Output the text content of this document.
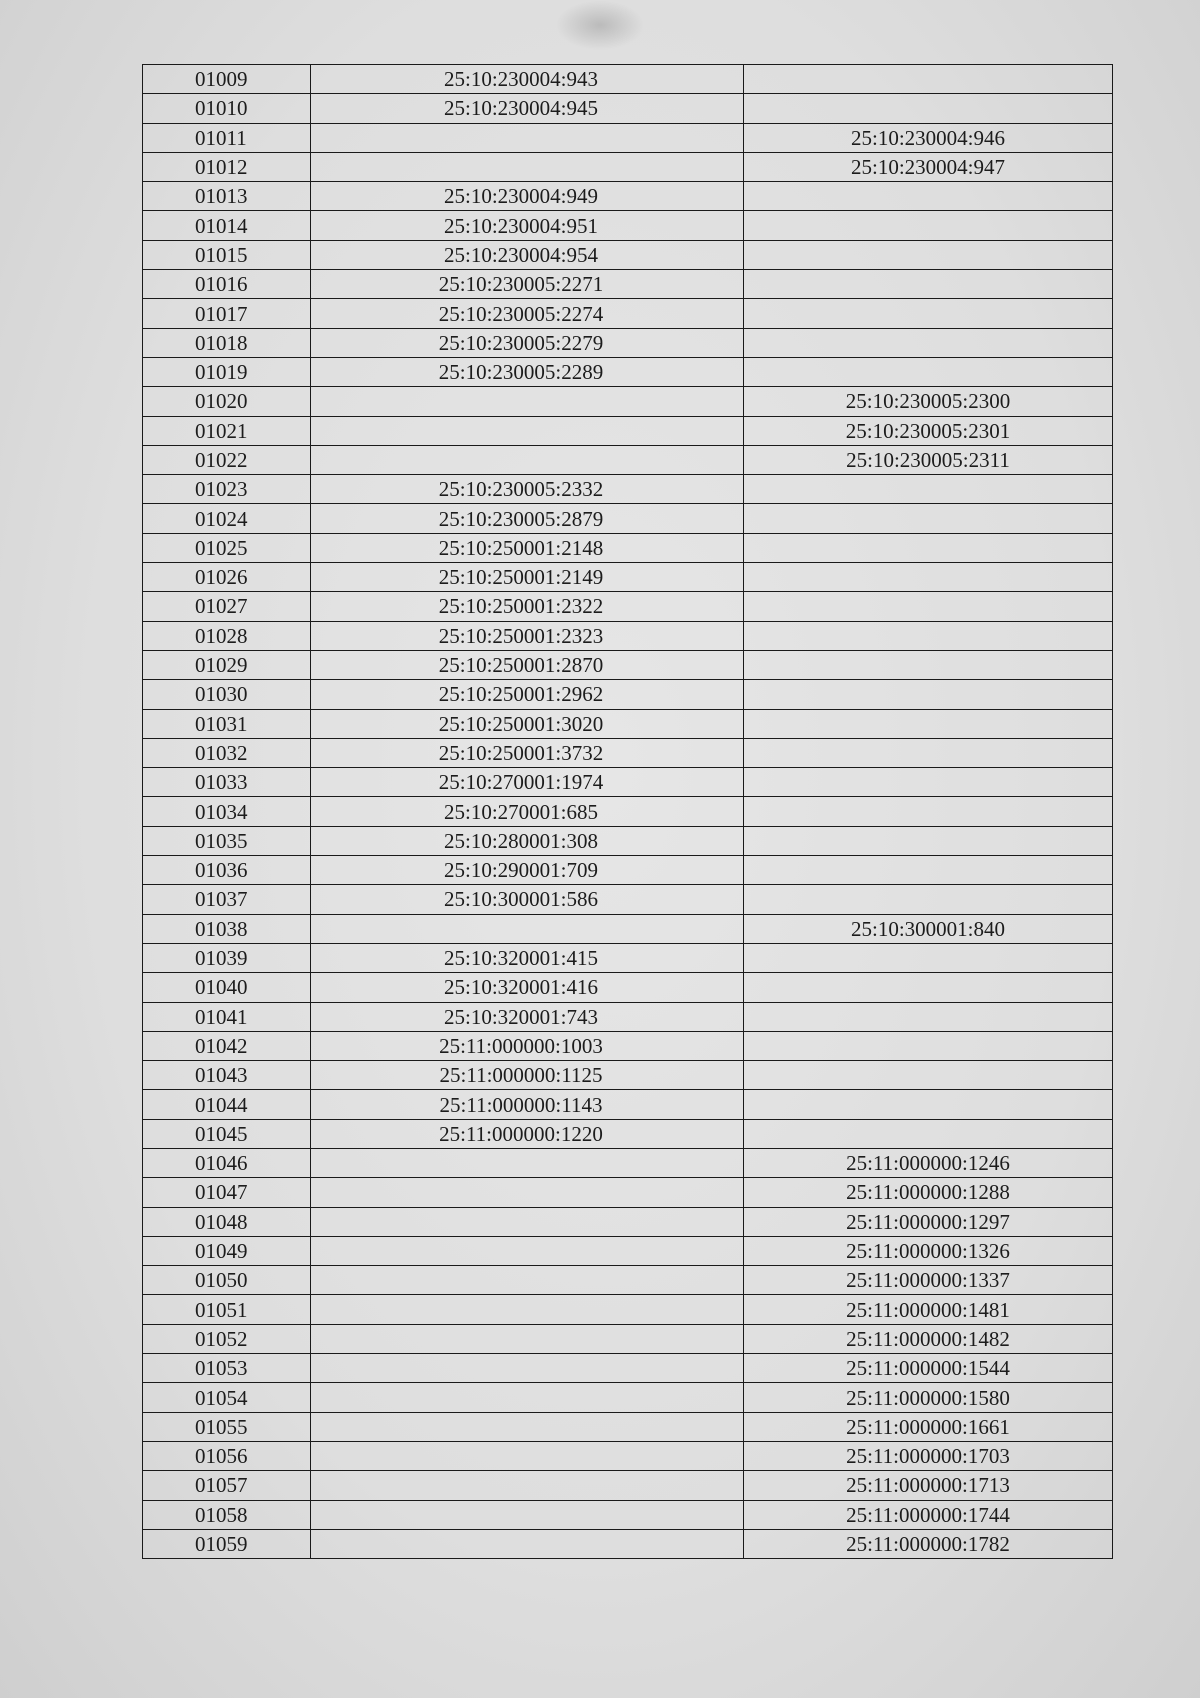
01009	25:10:230004:943	
01010	25:10:230004:945	
01011		25:10:230004:946
01012		25:10:230004:947
01013	25:10:230004:949	
01014	25:10:230004:951	
01015	25:10:230004:954	
01016	25:10:230005:2271	
01017	25:10:230005:2274	
01018	25:10:230005:2279	
01019	25:10:230005:2289	
01020		25:10:230005:2300
01021		25:10:230005:2301
01022		25:10:230005:2311
01023	25:10:230005:2332	
01024	25:10:230005:2879	
01025	25:10:250001:2148	
01026	25:10:250001:2149	
01027	25:10:250001:2322	
01028	25:10:250001:2323	
01029	25:10:250001:2870	
01030	25:10:250001:2962	
01031	25:10:250001:3020	
01032	25:10:250001:3732	
01033	25:10:270001:1974	
01034	25:10:270001:685	
01035	25:10:280001:308	
01036	25:10:290001:709	
01037	25:10:300001:586	
01038		25:10:300001:840
01039	25:10:320001:415	
01040	25:10:320001:416	
01041	25:10:320001:743	
01042	25:11:000000:1003	
01043	25:11:000000:1125	
01044	25:11:000000:1143	
01045	25:11:000000:1220	
01046		25:11:000000:1246
01047		25:11:000000:1288
01048		25:11:000000:1297
01049		25:11:000000:1326
01050		25:11:000000:1337
01051		25:11:000000:1481
01052		25:11:000000:1482
01053		25:11:000000:1544
01054		25:11:000000:1580
01055		25:11:000000:1661
01056		25:11:000000:1703
01057		25:11:000000:1713
01058		25:11:000000:1744
01059		25:11:000000:1782
